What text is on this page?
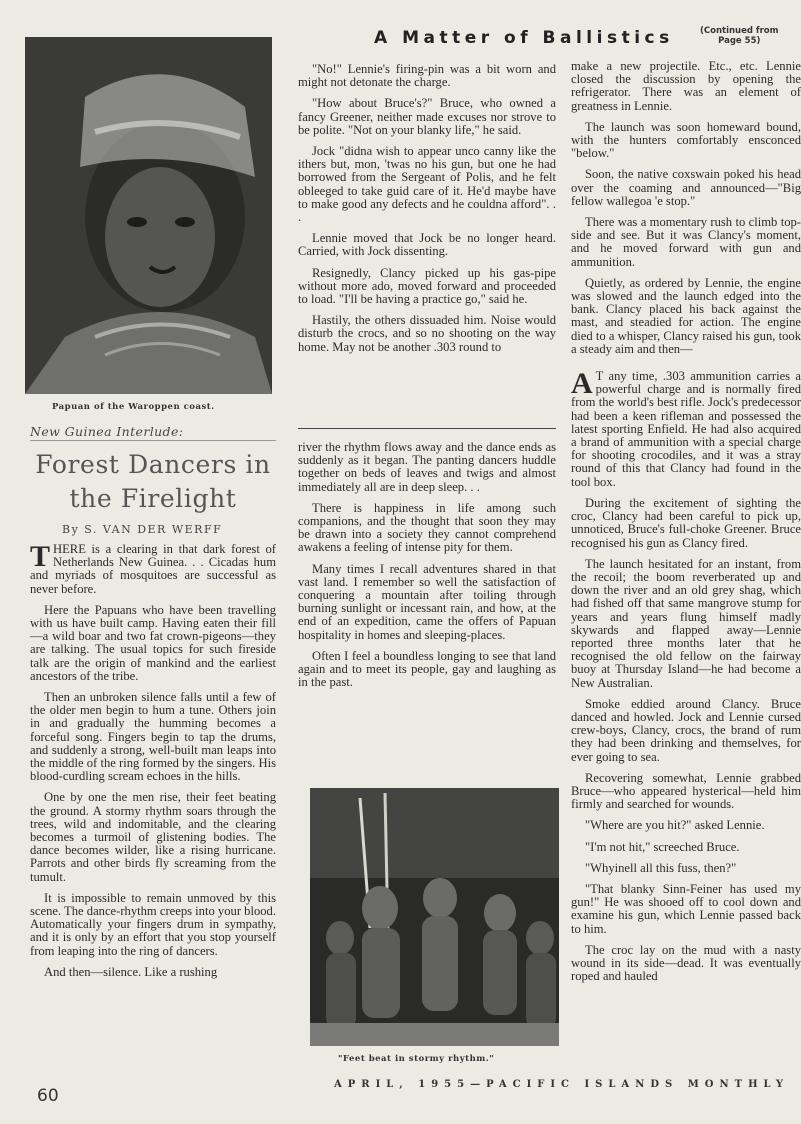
A Matter of Ballistics	(Continued from
Page 55)
Papuan of the Waroppen coast.
New Guinea Interlude:
Forest Dancers in
the Firelight
By S. VAN DER WERFF

THERE is a clearing in that dark forest of Netherlands New Guinea. . . Cicadas hum and myriads of mosquitoes are successful as never before.

Here the Papuans who have been travelling with us have built camp. Having eaten their fill—a wild boar and two fat crown-pigeons—they are talking. The usual topics for such fireside talk are the origin of mankind and the earliest ancestors of the tribe.

Then an unbroken silence falls until a few of the older men begin to hum a tune. Others join in and gradually the humming becomes a forceful song. Fingers begin to tap the drums, and suddenly a strong, well-built man leaps into the middle of the ring formed by the singers. His blood-curdling scream echoes in the hills.

One by one the men rise, their feet beating the ground. A stormy rhythm soars through the trees, wild and indomitable, and the clearing becomes a turmoil of glistening bodies. The dance becomes wilder, like a rising hurricane. Parrots and other birds fly screaming from the tumult.

It is impossible to remain unmoved by this scene. The dance-rhythm creeps into your blood. Automatically your fingers drum in sympathy, and it is only by an effort that you stop yourself from leaping into the ring of dancers.

And then—silence. Like a rushing

"No!" Lennie's firing-pin was a bit worn and might not detonate the charge.

"How about Bruce's?" Bruce, who owned a fancy Greener, neither made excuses nor strove to be polite. "Not on your blanky life," he said.

Jock "didna wish to appear unco canny like the ithers but, mon, 'twas no his gun, but one he had borrowed from the Sergeant of Polis, and he felt obleeged to take guid care of it. He'd maybe have to make good any defects and he couldna afford". . .

Lennie moved that Jock be no longer heard. Carried, with Jock dissenting.

Resignedly, Clancy picked up his gas-pipe without more ado, moved forward and proceeded to load. "I'll be having a practice go," said he.

Hastily, the others dissuaded him. Noise would disturb the crocs, and so no shooting on the way home. May not be another .303 round to

river the rhythm flows away and the dance ends as suddenly as it began. The panting dancers huddle together on beds of leaves and twigs and almost immediately all are in deep sleep. . .

There is happiness in life among such companions, and the thought that soon they may be drawn into a society they cannot comprehend awakens a feeling of intense pity for them.

Many times I recall adventures shared in that vast land. I remember so well the satisfaction of conquering a mountain after toiling through burning sunlight or incessant rain, and how, at the end of an expedition, came the offers of Papuan hospitality in homes and sleeping-places.

Often I feel a boundless longing to see that land again and to meet its people, gay and laughing as in the past.

"Feet beat in stormy rhythm."

make a new projectile. Etc., etc. Lennie closed the discussion by opening the refrigerator. There was an element of greatness in Lennie.

The launch was soon homeward bound, with the hunters comfortably ensconced "below."

Soon, the native coxswain poked his head over the coaming and announced—"Big fellow wallegoa 'e stop."

There was a momentary rush to climb top-side and see. But it was Clancy's moment, and he moved forward with gun and ammunition.

Quietly, as ordered by Lennie, the engine was slowed and the launch edged into the bank. Clancy placed his back against the mast, and steadied for action. The engine died to a whisper, Clancy raised his gun, took a steady aim and then—

A T any time, .303 ammunition carries a powerful charge and is normally fired from the world's best rifle. Jock's predecessor had been a keen rifleman and possessed the latest sporting Enfield. He had also acquired a brand of ammunition with a special charge for shooting crocodiles, and it was a stray round of this that Clancy had found in the tool box.

During the excitement of sighting the croc, Clancy had been careful to pick up, unnoticed, Bruce's full-choke Greener. Bruce recognised his gun as Clancy fired.

The launch hesitated for an instant, from the recoil; the boom reverberated up and down the river and an old grey shag, which had fished off that same mangrove stump for years and years flung himself madly skywards and flapped away—Lennie reported three months later that he recognised the old fellow on the fairway buoy at Thursday Island—he had become a New Australian.

Smoke eddied around Clancy. Bruce danced and howled. Jock and Lennie cursed crew-boys, Clancy, crocs, the brand of rum they had been drinking and themselves, for ever going to sea.

Recovering somewhat, Lennie grabbed Bruce—who appeared hysterical—held him firmly and searched for wounds.

"Where are you hit?" asked Lennie.

"I'm not hit," screeched Bruce.

"Whyinell all this fuss, then?"

"That blanky Sinn-Feiner has used my gun!" He was shooed off to cool down and examine his gun, which Lennie passed back to him.

The croc lay on the mud with a nasty wound in its side—dead. It was eventually roped and hauled

60
APRIL, 1955—PACIFIC ISLANDS MONTHLY
